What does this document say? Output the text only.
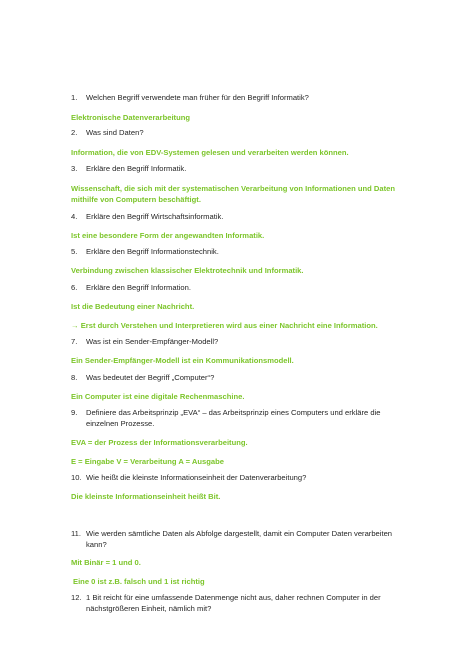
1. Welchen Begriff verwendete man früher für den Begriff Informatik?
Elektronische Datenverarbeitung
2. Was sind Daten?
Information, die von EDV-Systemen gelesen und verarbeiten werden können.
3. Erkläre den Begriff Informatik.
Wissenschaft, die sich mit der systematischen Verarbeitung von Informationen und Daten
mithilfe von Computern beschäftigt.
4. Erkläre den Begriff Wirtschaftsinformatik.
Ist eine besondere Form der angewandten Informatik.
5. Erkläre den Begriff Informationstechnik.
Verbindung zwischen klassischer Elektrotechnik und Informatik.
6. Erkläre den Begriff Information.
Ist die Bedeutung einer Nachricht.
→ Erst durch Verstehen und Interpretieren wird aus einer Nachricht eine Information.
7. Was ist ein Sender-Empfänger-Modell?
Ein Sender-Empfänger-Modell ist ein Kommunikationsmodell.
8. Was bedeutet der Begriff „Computer“?
Ein Computer ist eine digitale Rechenmaschine.
9. Definiere das Arbeitsprinzip „EVA“ – das Arbeitsprinzip eines Computers und erkläre die
einzelnen Prozesse.
EVA = der Prozess der Informationsverarbeitung.
E = Eingabe V = Verarbeitung A = Ausgabe
10. Wie heißt die kleinste Informationseinheit der Datenverarbeitung?
Die kleinste Informationseinheit heißt Bit.
11. Wie werden sämtliche Daten als Abfolge dargestellt, damit ein Computer Daten verarbeiten
kann?
Mit Binär = 1 und 0.
Eine 0 ist z.B. falsch und 1 ist richtig
12. 1 Bit reicht für eine umfassende Datenmenge nicht aus, daher rechnen Computer in der
nächstgrößeren Einheit, nämlich mit?
